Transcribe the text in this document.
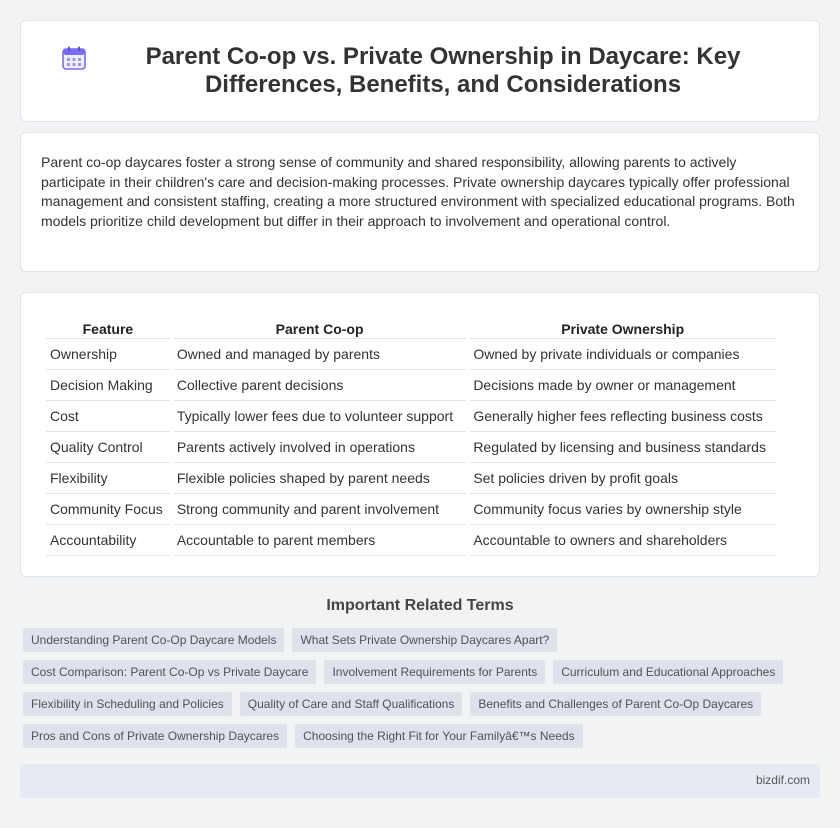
Parent Co-op vs. Private Ownership in Daycare: Key Differences, Benefits, and Considerations

Parent co-op daycares foster a strong sense of community and shared responsibility, allowing parents to actively participate in their children's care and decision-making processes. Private ownership daycares typically offer professional management and consistent staffing, creating a more structured environment with specialized educational programs. Both models prioritize child development but differ in their approach to involvement and operational control.

Feature	Parent Co-op	Private Ownership
Ownership	Owned and managed by parents	Owned by private individuals or companies
Decision Making	Collective parent decisions	Decisions made by owner or management
Cost	Typically lower fees due to volunteer support	Generally higher fees reflecting business costs
Quality Control	Parents actively involved in operations	Regulated by licensing and business standards
Flexibility	Flexible policies shaped by parent needs	Set policies driven by profit goals
Community Focus	Strong community and parent involvement	Community focus varies by ownership style
Accountability	Accountable to parent members	Accountable to owners and shareholders
Important Related Terms
Understanding Parent Co-Op Daycare Models	What Sets Private Ownership Daycares Apart?
Cost Comparison: Parent Co-Op vs Private Daycare	Involvement Requirements for Parents	Curriculum and Educational Approaches
Flexibility in Scheduling and Policies	Quality of Care and Staff Qualifications	Benefits and Challenges of Parent Co-Op Daycares
Pros and Cons of Private Ownership Daycares	Choosing the Right Fit for Your Familyâ€™s Needs
bizdif.com
